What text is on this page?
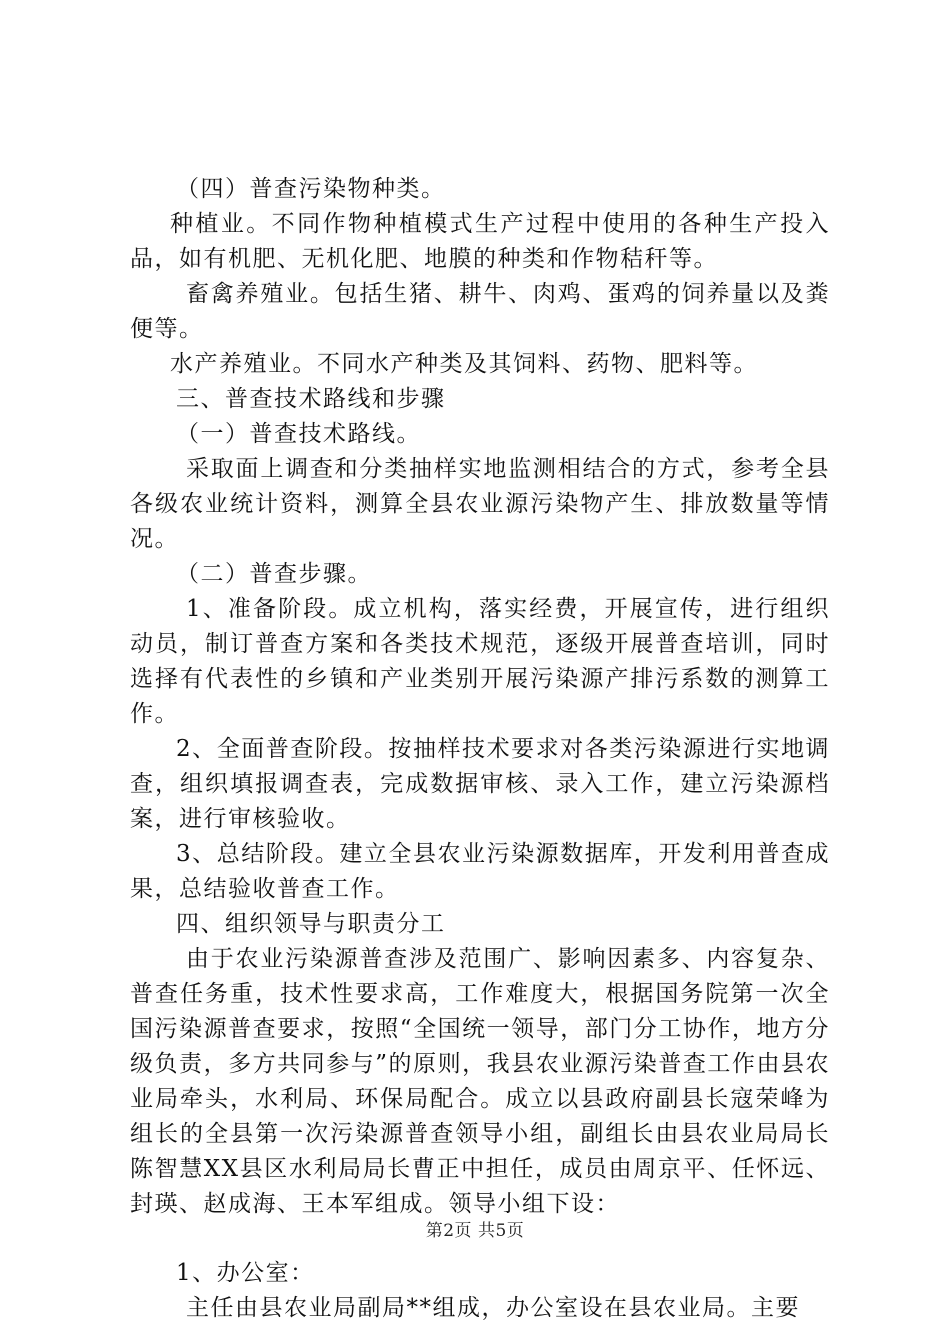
（四）普查污染物种类。

种植业。不同作物种植模式生产过程中使用的各种生产投入品，如有机肥、无机化肥、地膜的种类和作物秸秆等。

畜禽养殖业。包括生猪、耕牛、肉鸡、蛋鸡的饲养量以及粪便等。

水产养殖业。不同水产种类及其饲料、药物、肥料等。

三、普查技术路线和步骤

（一）普查技术路线。

采取面上调查和分类抽样实地监测相结合的方式，参考全县各级农业统计资料，测算全县农业源污染物产生、排放数量等情况。

（二）普查步骤。

1、准备阶段。成立机构，落实经费，开展宣传，进行组织动员，制订普查方案和各类技术规范，逐级开展普查培训，同时选择有代表性的乡镇和产业类别开展污染源产排污系数的测算工作。

2、全面普查阶段。按抽样技术要求对各类污染源进行实地调查，组织填报调查表，完成数据审核、录入工作，建立污染源档案，进行审核验收。

3、总结阶段。建立全县农业污染源数据库，开发利用普查成果，总结验收普查工作。

四、组织领导与职责分工

由于农业污染源普查涉及范围广、影响因素多、内容复杂、普查任务重，技术性要求高，工作难度大，根据国务院第一次全国污染源普查要求，按照“全国统一领导，部门分工协作，地方分级负责，多方共同参与”的原则，我县农业源污染普查工作由县农业局牵头，水利局、环保局配合。成立以县政府副县长寇荣峰为组长的全县第一次污染源普查领导小组，副组长由县农业局局长陈智慧XX县区水利局局长曹正中担任，成员由周京平、任怀远、封瑛、赵成海、王本军组成。领导小组下设：

1、办公室：

主任由县农业局副局**组成，办公室设在县农业局。主要

第2页 共5页
